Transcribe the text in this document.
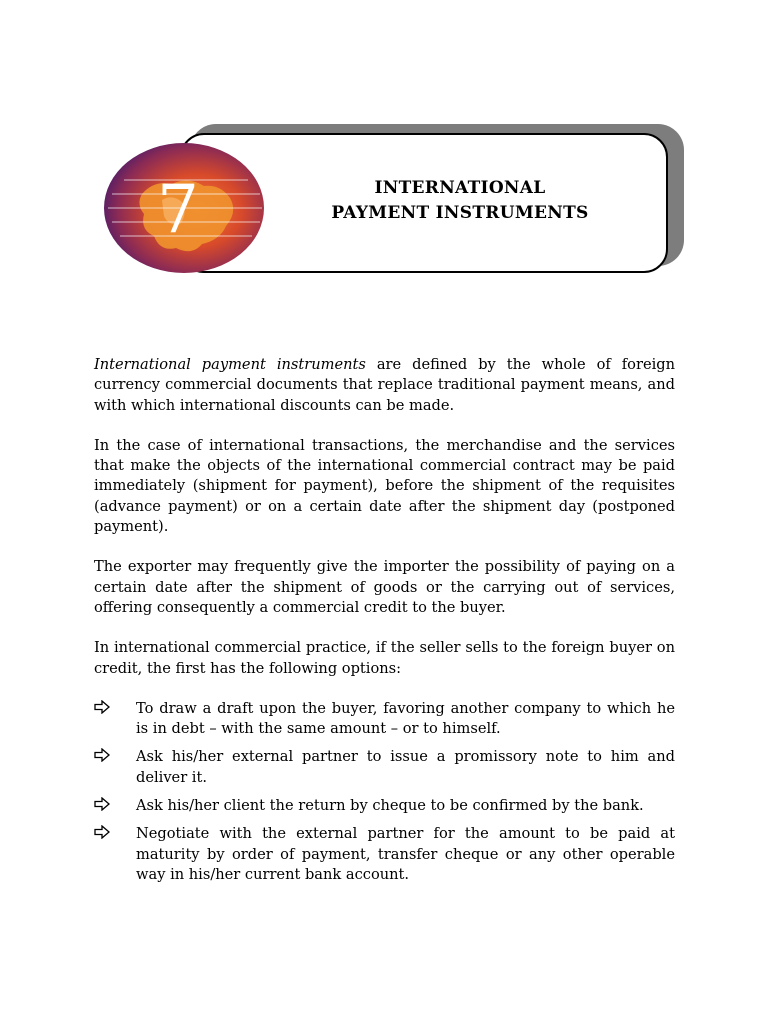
7	INTERNATIONAL
PAYMENT INSTRUMENTS

International payment instruments are defined by the whole of foreign currency commercial documents that replace traditional payment means, and with which international discounts can be made.

In the case of international transactions, the merchandise and the services that make the objects of the international commercial contract may be paid immediately (shipment for payment), before the shipment of the requisites (advance payment) or on a certain date after the shipment day (postponed payment).

The exporter may frequently give the importer the possibility of paying on a certain date after the shipment of goods or the carrying out of services, offering consequently a commercial credit to the buyer.

In international commercial practice, if the seller sells to the foreign buyer on credit, the first has the following options:

To draw a draft upon the buyer, favoring another company to which he is in debt – with the same amount – or to himself.
Ask his/her external partner to issue a promissory note to him and deliver it.
Ask his/her client the return by cheque to be confirmed by the bank.
Negotiate with the external partner for the amount to be paid at maturity by order of payment, transfer cheque or any other operable way in his/her current bank account.
